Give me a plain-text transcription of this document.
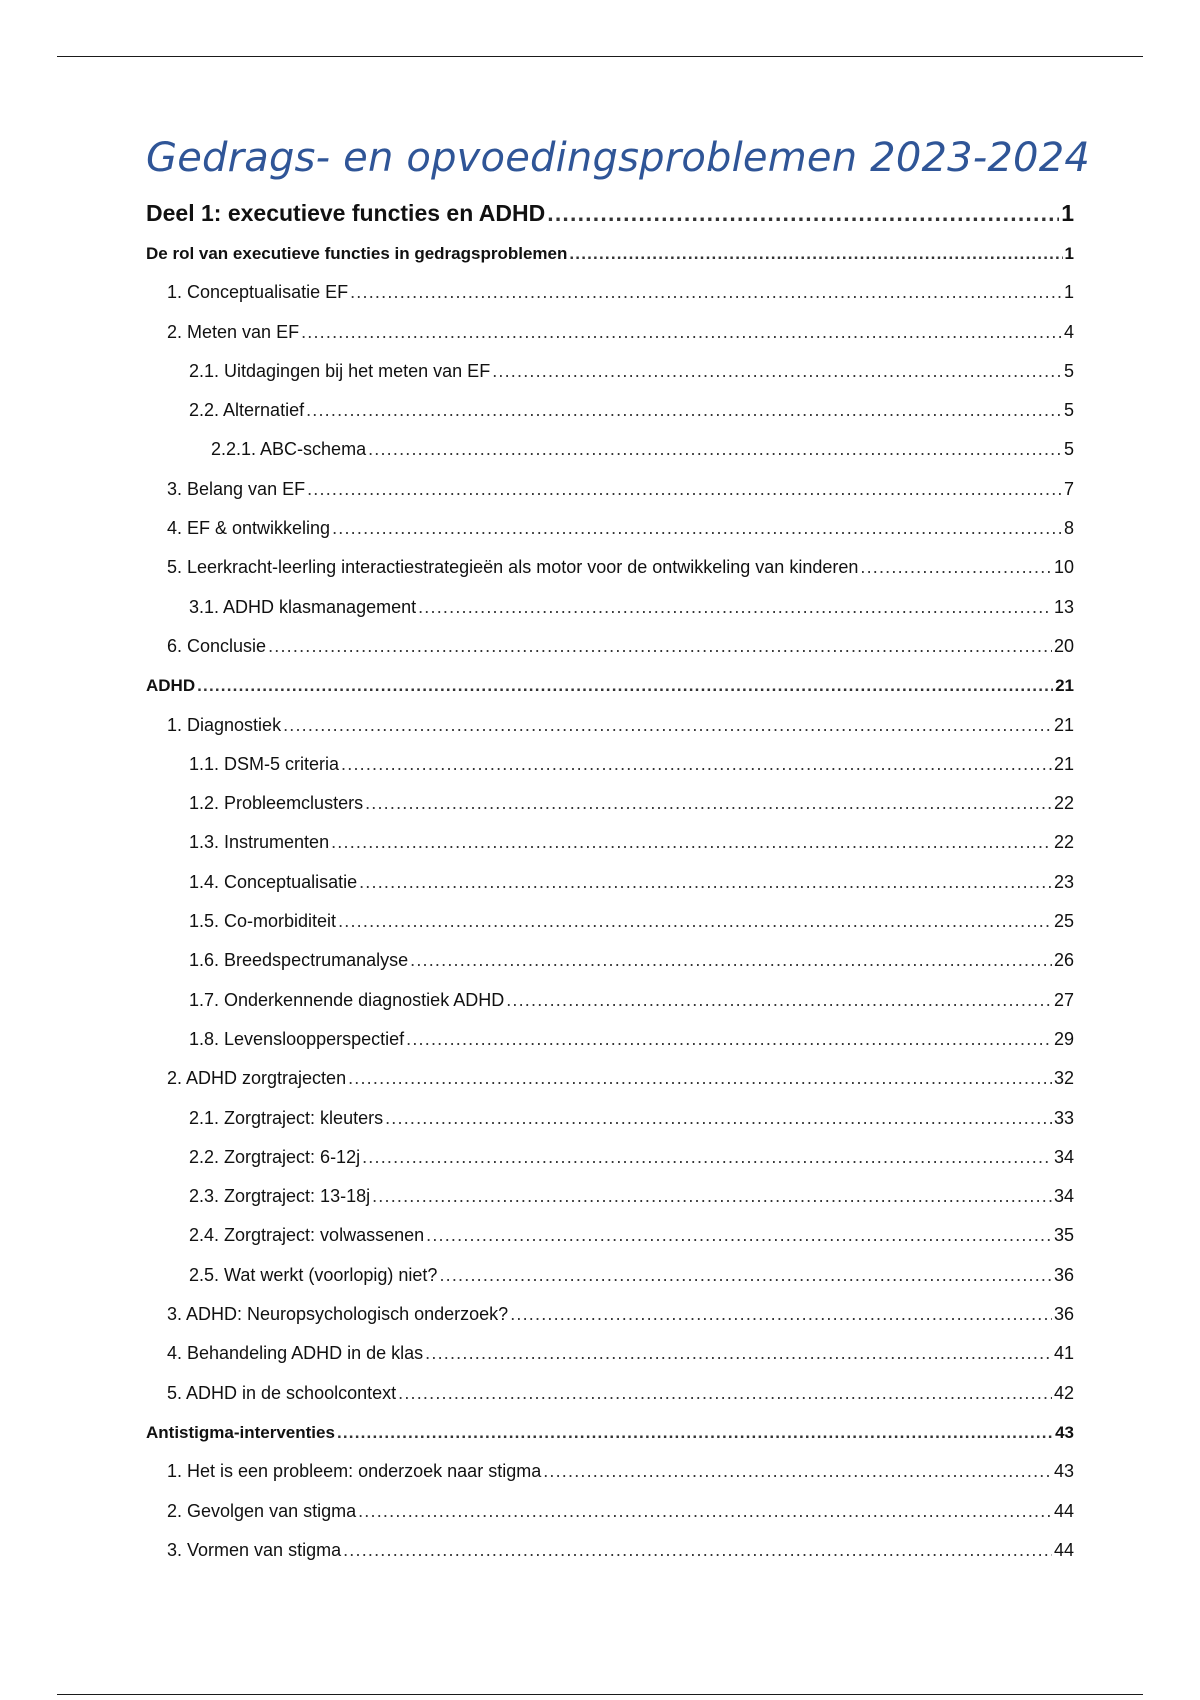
Gedrags- en opvoedingsproblemen 2023-2024
Deel 1: executieve functies en ADHD .....	1
De rol van executieve functies in gedragsproblemen .....	1
1. Conceptualisatie EF .....	1
2. Meten van EF .....	4
2.1. Uitdagingen bij het meten van EF .....	5
2.2. Alternatief .....	5
2.2.1. ABC-schema .....	5
3. Belang van EF .....	7
4. EF & ontwikkeling .....	8
5. Leerkracht-leerling interactiestrategieën als motor voor de ontwikkeling van kinderen .....	10
3.1. ADHD klasmanagement .....	13
6. Conclusie .....	20
ADHD .....	21
1. Diagnostiek .....	21
1.1. DSM-5 criteria .....	21
1.2. Probleemclusters .....	22
1.3. Instrumenten .....	22
1.4. Conceptualisatie .....	23
1.5. Co-morbiditeit .....	25
1.6. Breedspectrumanalyse .....	26
1.7. Onderkennende diagnostiek ADHD .....	27
1.8. Levensloopperspectief .....	29
2. ADHD zorgtrajecten .....	32
2.1. Zorgtraject: kleuters .....	33
2.2. Zorgtraject: 6-12j .....	34
2.3. Zorgtraject: 13-18j .....	34
2.4. Zorgtraject: volwassenen .....	35
2.5. Wat werkt (voorlopig) niet? .....	36
3. ADHD: Neuropsychologisch onderzoek? .....	36
4. Behandeling ADHD in de klas .....	41
5. ADHD in de schoolcontext .....	42
Antistigma-interventies .....	43
1. Het is een probleem: onderzoek naar stigma .....	43
2. Gevolgen van stigma .....	44
3. Vormen van stigma .....	44
